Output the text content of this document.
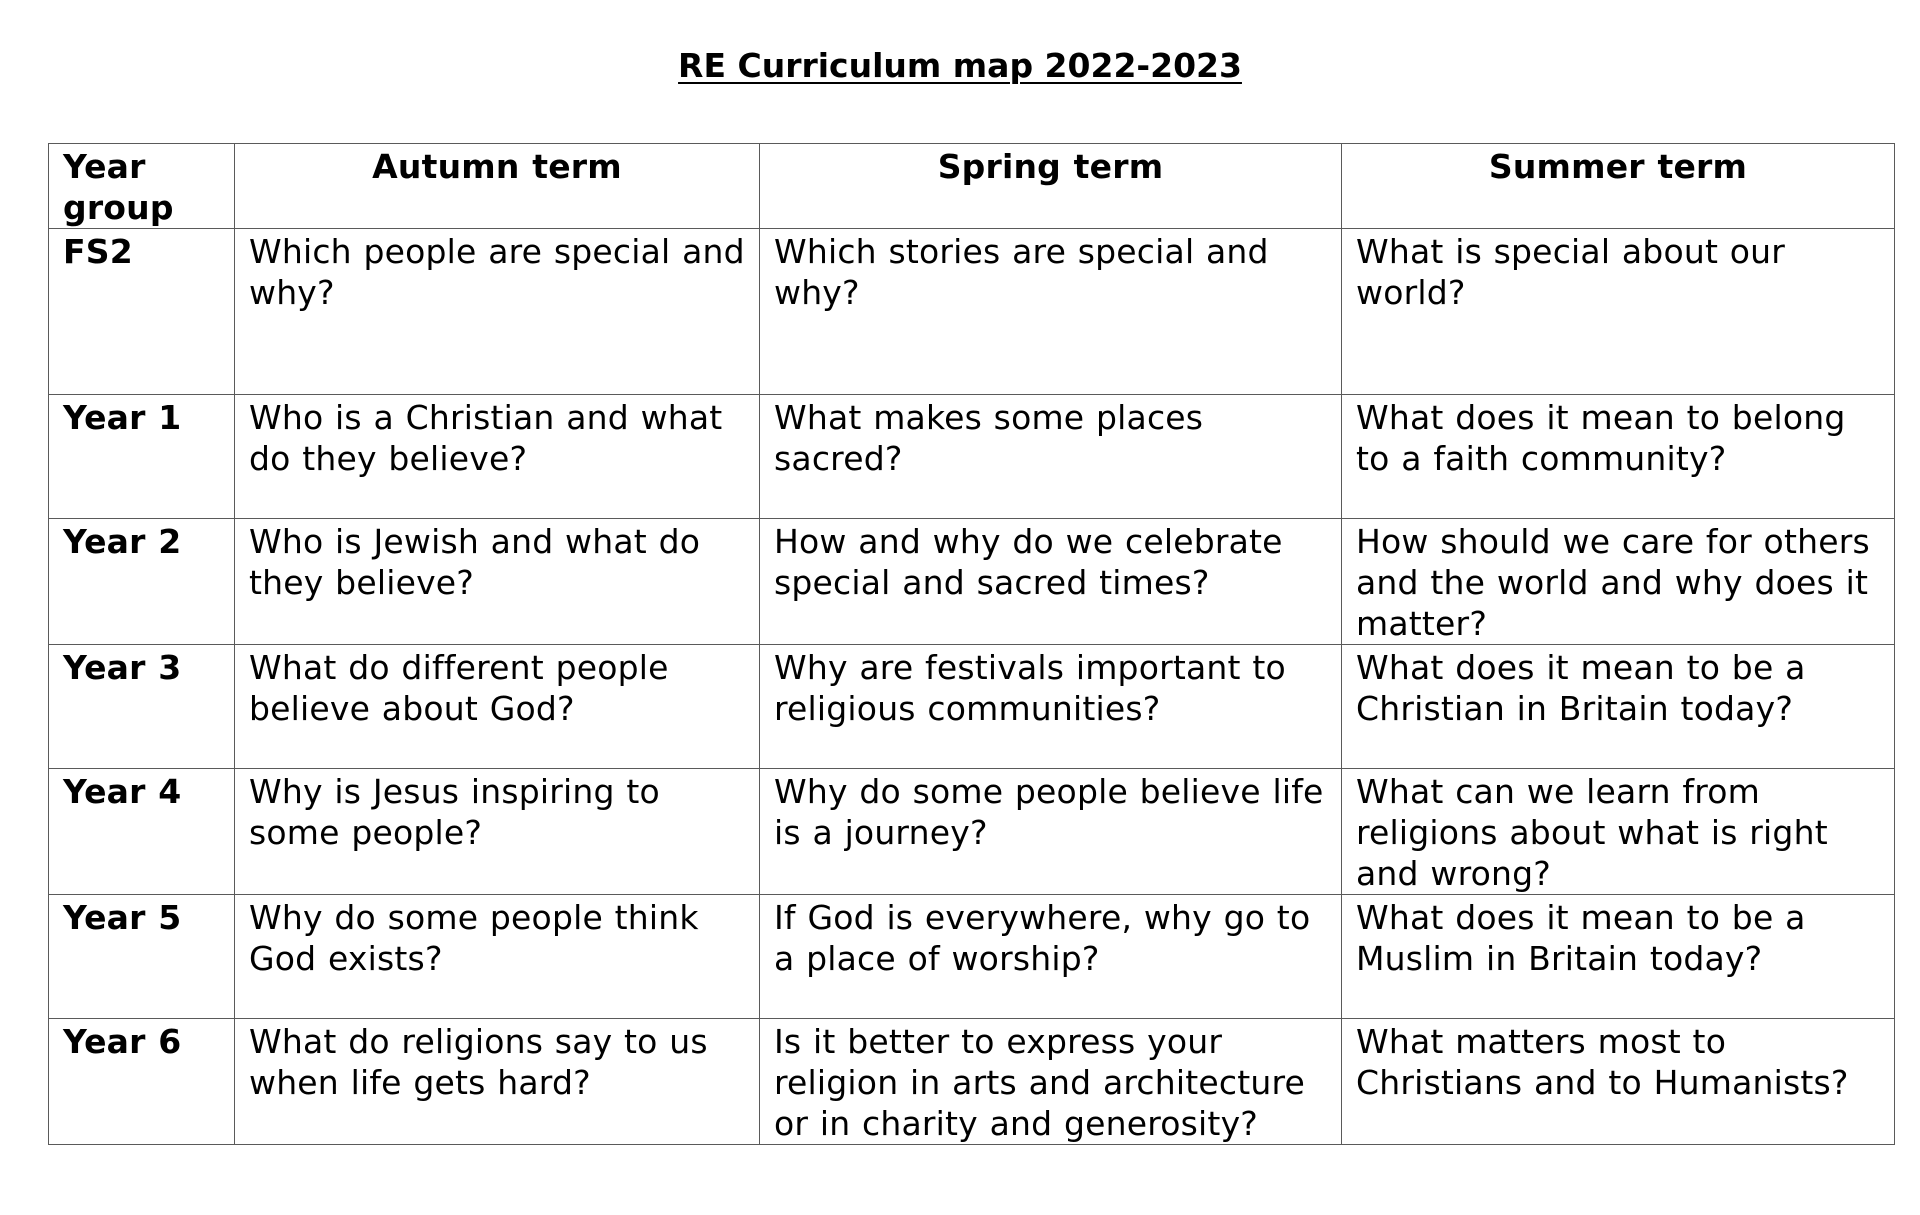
RE Curriculum map 2022-2023
Year group	Autumn term	Spring term	Summer term
FS2	Which people are special and why?	Which stories are special and why?	What is special about our world?
Year 1	Who is a Christian and what do they believe?	What makes some places sacred?	What does it mean to belong to a faith community?
Year 2	Who is Jewish and what do they believe?	How and why do we celebrate special and sacred times?	How should we care for others and the world and why does it matter?
Year 3	What do different people believe about God?	Why are festivals important to religious communities?	What does it mean to be a Christian in Britain today?
Year 4	Why is Jesus inspiring to some people?	Why do some people believe life is a journey?	What can we learn from religions about what is right and wrong?
Year 5	Why do some people think God exists?	If God is everywhere, why go to a place of worship?	What does it mean to be a Muslim in Britain today?
Year 6	What do religions say to us when life gets hard?	Is it better to express your religion in arts and architecture or in charity and generosity?	What matters most to Christians and to Humanists?
